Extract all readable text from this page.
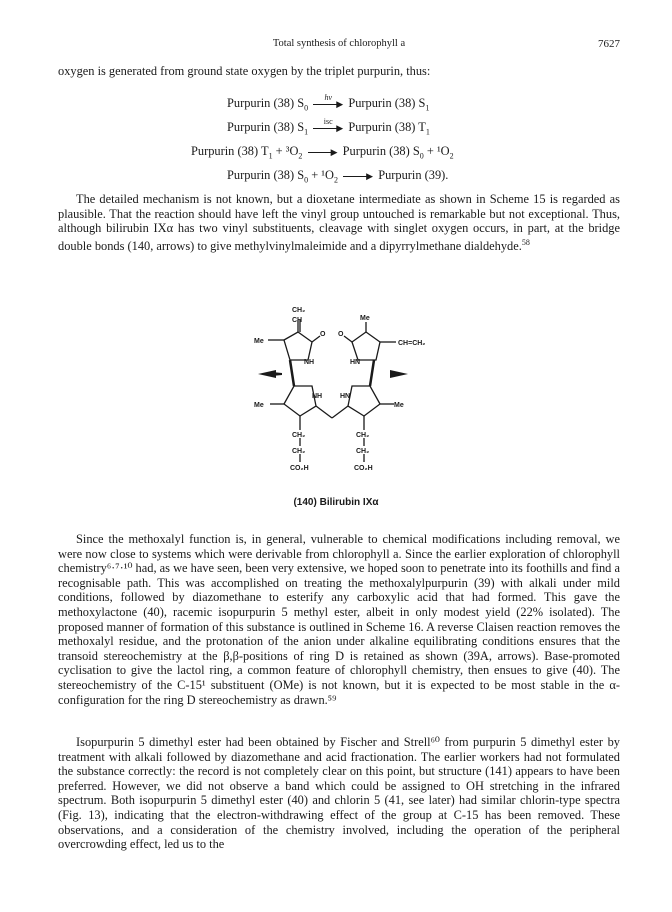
Total synthesis of chlorophyll a	7627
oxygen is generated from ground state oxygen by the triplet purpurin, thus:
Purpurin (38) $S_0$
hν
▶ Purpurin (38) $S_1$
Purpurin (38) $S_1$
isc
▶ Purpurin (38) $T_1$
Purpurin (38) $T_1 + ^3O_2$	▶ Purpurin (38) $S_0 + ^1O_2$
Purpurin (38) $S_0 + ^1O_2$	▶ Purpurin (39).
The detailed mechanism is not known, but a dioxetane intermediate as shown in Scheme 15 is regarded as plausible. That the reaction should have left the vinyl group untouched is remarkable but not exceptional. Thus, although bilirubin IXα has two vinyl substituents, cleavage with singlet oxygen occurs, in part, at the bridge double bonds (140, arrows) to give methylvinylmaleimide and a dipyrrylmethane dialdehyde.$^{58}$
CH₂
CH	Me
Me
NH
O O
HN
CH=CH₂
NH	HN
Me	Me
CH₂
CH₂
CO₂H
CH₂
CH₂
CO₂H
(140) Bilirubin IXα
Since the methoxalyl function is, in general, vulnerable to chemical modifications including removal, we were now close to systems which were derivable from chlorophyll a. Since the earlier exploration of chlorophyll chemistry⁶·⁷·¹⁰ had, as we have seen, been very extensive, we hoped soon to penetrate into its foothills and find a recognisable path. This was accomplished on treating the methoxalylpurpurin (39) with alkali under mild conditions, followed by diazomethane to esterify any carboxylic acid that had formed. This gave the methoxylactone (40), racemic isopurpurin 5 methyl ester, albeit in only modest yield (22% isolated). The proposed manner of formation of this substance is outlined in Scheme 16. A reverse Claisen reaction removes the methoxalyl residue, and the protonation of the anion under alkaline equilibrating conditions ensures that the transoid stereochemistry at the β,β-positions of ring D is retained as shown (39A, arrows). Base-promoted cyclisation to give the lactol ring, a common feature of chlorophyll chemistry, then ensues to give (40). The stereochemistry of the C-15¹ substituent (OMe) is not known, but it is expected to be most stable in the α-configuration for the ring D stereochemistry as drawn.⁵⁹
Isopurpurin 5 dimethyl ester had been obtained by Fischer and Strell⁶⁰ from purpurin 5 dimethyl ester by treatment with alkali followed by diazomethane and acid fractionation. The earlier workers had not formulated the substance correctly: the record is not completely clear on this point, but structure (141) appears to have been preferred. However, we did not observe a band which could be assigned to OH stretching in the infrared spectrum. Both isopurpurin 5 dimethyl ester (40) and chlorin 5 (41, see later) had similar chlorin-type spectra (Fig. 13), indicating that the electron-withdrawing effect of the group at C-15 has been removed. These observations, and a consideration of the chemistry involved, including the operation of the peripheral overcrowding effect, led us to the
